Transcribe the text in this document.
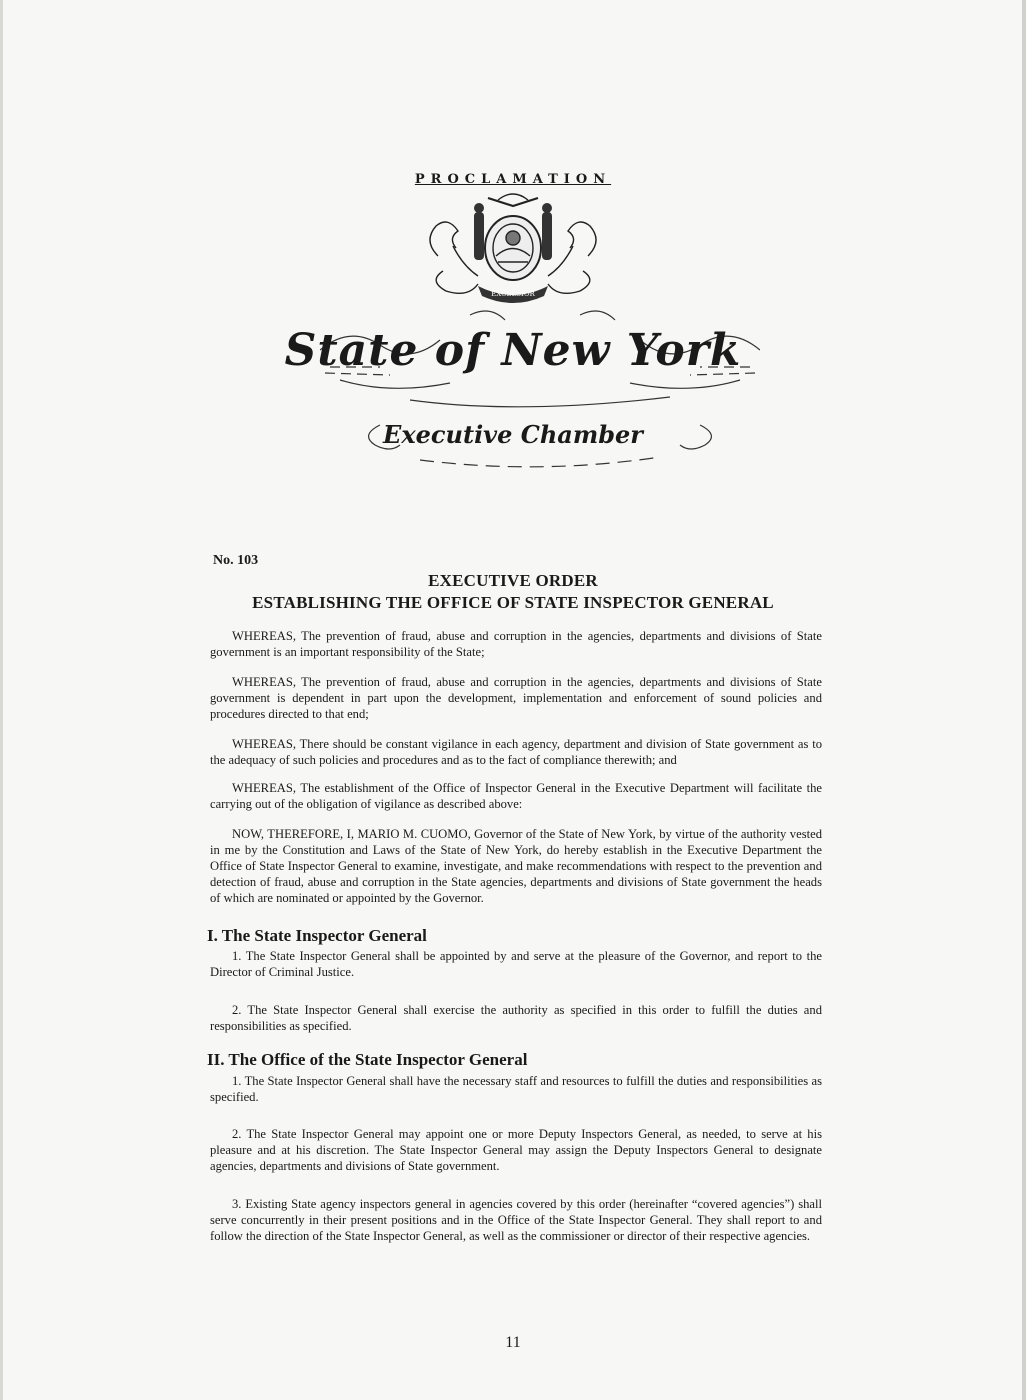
PROCLAMATION
EXCELSIOR
State of New York
Executive Chamber
No. 103
EXECUTIVE ORDER
ESTABLISHING THE OFFICE OF STATE INSPECTOR GENERAL

WHEREAS, The prevention of fraud, abuse and corruption in the agencies, departments and divisions of State government is an important responsibility of the State;

WHEREAS, The prevention of fraud, abuse and corruption in the agencies, departments and divisions of State government is dependent in part upon the development, implementation and enforcement of sound policies and procedures directed to that end;

WHEREAS, There should be constant vigilance in each agency, department and division of State government as to the adequacy of such policies and procedures and as to the fact of compliance therewith; and

WHEREAS, The establishment of the Office of Inspector General in the Executive Department will facilitate the carrying out of the obligation of vigilance as described above:

NOW, THEREFORE, I, MARIO M. CUOMO, Governor of the State of New York, by virtue of the authority vested in me by the Constitution and Laws of the State of New York, do hereby establish in the Executive Department the Office of State Inspector General to examine, investigate, and make recommendations with respect to the prevention and detection of fraud, abuse and corruption in the State agencies, departments and divisions of State government the heads of which are nominated or appointed by the Governor.

I. The State Inspector General

1. The State Inspector General shall be appointed by and serve at the pleasure of the Governor, and report to the Director of Criminal Justice.

2. The State Inspector General shall exercise the authority as specified in this order to fulfill the duties and responsibilities as specified.

II. The Office of the State Inspector General

1. The State Inspector General shall have the necessary staff and resources to fulfill the duties and responsibilities as specified.

2. The State Inspector General may appoint one or more Deputy Inspectors General, as needed, to serve at his pleasure and at his discretion. The State Inspector General may assign the Deputy Inspectors General to designate agencies, departments and divisions of State government.

3. Existing State agency inspectors general in agencies covered by this order (hereinafter “covered agencies”) shall serve concurrently in their present positions and in the Office of the State Inspector General. They shall report to and follow the direction of the State Inspector General, as well as the commissioner or director of their respective agencies.

11
